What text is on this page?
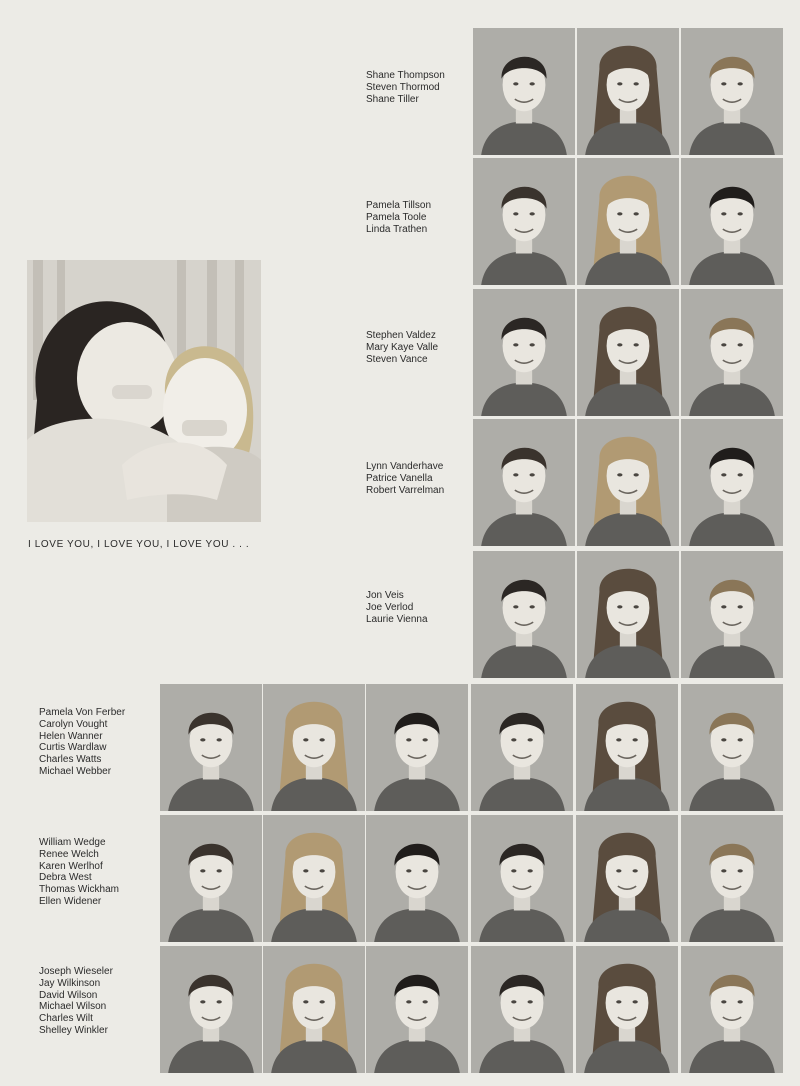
I LOVE YOU, I LOVE YOU, I LOVE YOU . . .
Shane Thompson
Steven Thormod
Shane Tiller
Pamela Tillson
Pamela Toole
Linda Trathen
Stephen Valdez
Mary Kaye Valle
Steven Vance
Lynn Vanderhave
Patrice Vanella
Robert Varrelman
Jon Veis
Joe Verlod
Laurie Vienna
Pamela Von Ferber
Carolyn Vought
Helen Wanner
Curtis Wardlaw
Charles Watts
Michael Webber
William Wedge
Renee Welch
Karen Werlhof
Debra West
Thomas Wickham
Ellen Widener
Joseph Wieseler
Jay Wilkinson
David Wilson
Michael Wilson
Charles Wilt
Shelley Winkler
